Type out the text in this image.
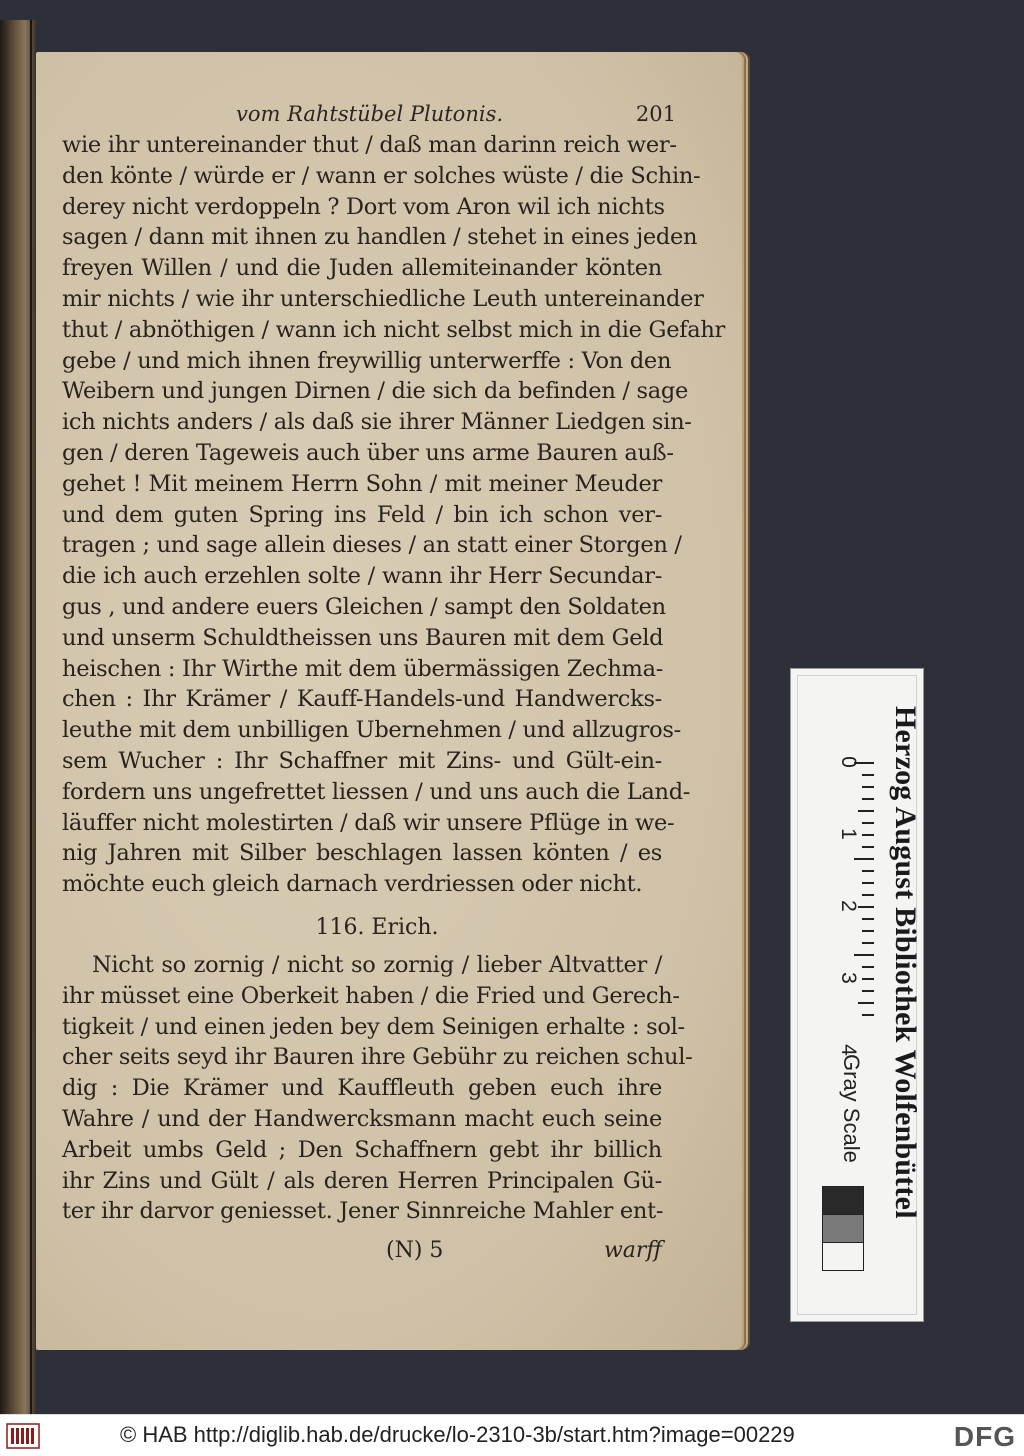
vom Rahtstübel Plutonis.	201
wie ihr untereinander thut / daß man darinn reich wer-
den könte / würde er / wann er solches wüste / die Schin-
derey nicht verdoppeln ? Dort vom Aron wil ich nichts
sagen / dann mit ihnen zu handlen / stehet in eines jeden
freyen Willen / und die Juden allemiteinander könten
mir nichts / wie ihr unterschiedliche Leuth untereinander
thut / abnöthigen / wann ich nicht selbst mich in die Gefahr
gebe / und mich ihnen freywillig unterwerffe : Von den
Weibern und jungen Dirnen / die sich da befinden / sage
ich nichts anders / als daß sie ihrer Männer Liedgen sin-
gen / deren Tageweis auch über uns arme Bauren auß-
gehet ! Mit meinem Herrn Sohn / mit meiner Meuder
und dem guten Spring ins Feld / bin ich schon ver-
tragen ; und sage allein dieses / an statt einer Storgen /
die ich auch erzehlen solte / wann ihr Herr Secundar-
gus , und andere euers Gleichen / sampt den Soldaten
und unserm Schuldtheissen uns Bauren mit dem Geld
heischen : Ihr Wirthe mit dem übermässigen Zechma-
chen : Ihr Krämer / Kauff-Handels-und Handwercks-
leuthe mit dem unbilligen Ubernehmen / und allzugros-
sem Wucher : Ihr Schaffner mit Zins- und Gült-ein-
fordern uns ungefrettet liessen / und uns auch die Land-
läuffer nicht molestirten / daß wir unsere Pflüge in we-
nig Jahren mit Silber beschlagen lassen könten / es
möchte euch gleich darnach verdriessen oder nicht.
116. Erich.
Nicht so zornig / nicht so zornig / lieber Altvatter /
ihr müsset eine Oberkeit haben / die Fried und Gerech-
tigkeit / und einen jeden bey dem Seinigen erhalte : sol-
cher seits seyd ihr Bauren ihre Gebühr zu reichen schul-
dig : Die Krämer und Kauffleuth geben euch ihre
Wahre / und der Handwercksmann macht euch seine
Arbeit umbs Geld ; Den Schaffnern gebt ihr billich
ihr Zins und Gült / als deren Herren Principalen Gü-
ter ihr darvor geniesset. Jener Sinnreiche Mahler ent-
(N) 5	warff
0
1
2
3
4 Herzog August Bibliothek Wolfenbüttel
Gray Scale
© HAB http://diglib.hab.de/drucke/lo-2310-3b/start.htm?image=00229	DFG
